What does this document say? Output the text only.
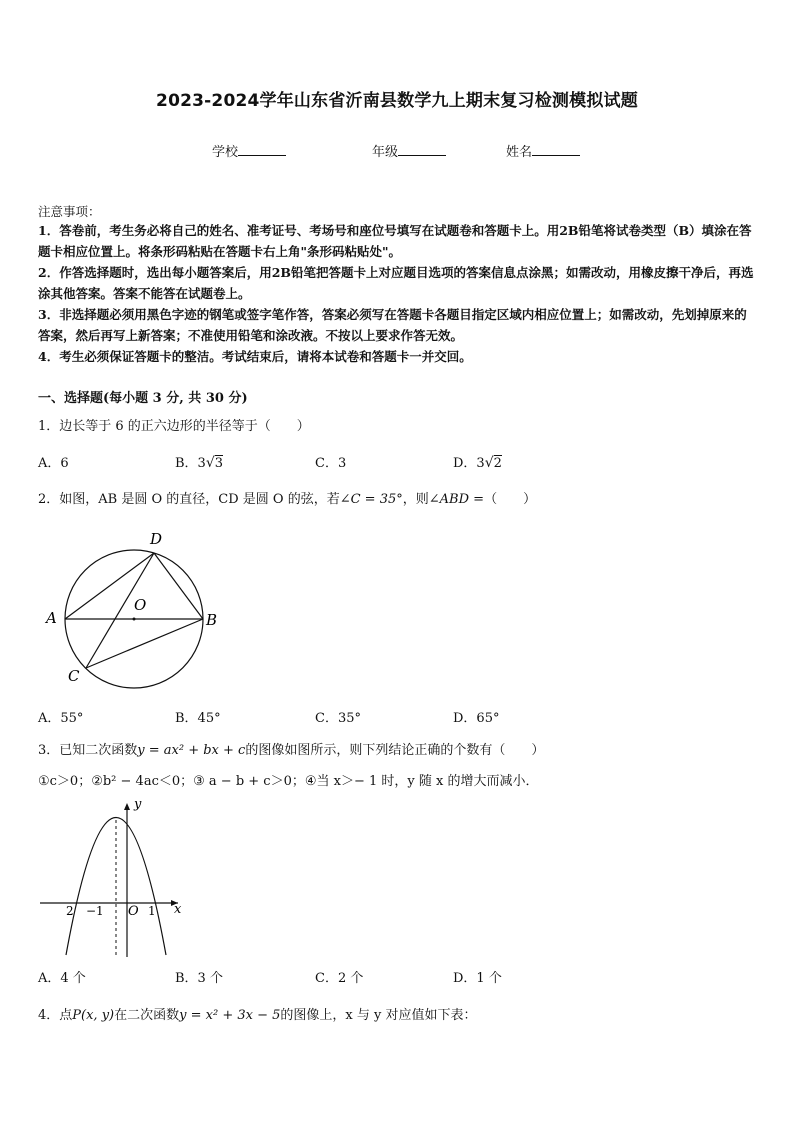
2023-2024学年山东省沂南县数学九上期末复习检测模拟试题
学校	年级	姓名
注意事项：
1．答卷前，考生务必将自己的姓名、准考证号、考场号和座位号填写在试题卷和答题卡上。用2B铅笔将试卷类型（B）填涂在答题卡相应位置上。将条形码粘贴在答题卡右上角"条形码粘贴处"。
2．作答选择题时，选出每小题答案后，用2B铅笔把答题卡上对应题目选项的答案信息点涂黑；如需改动，用橡皮擦干净后，再选涂其他答案。答案不能答在试题卷上。
3．非选择题必须用黑色字迹的钢笔或签字笔作答，答案必须写在答题卡各题目指定区域内相应位置上；如需改动，先划掉原来的答案，然后再写上新答案；不准使用铅笔和涂改液。不按以上要求作答无效。
4．考生必须保证答题卡的整洁。考试结束后，请将本试卷和答题卡一并交回。
一、选择题(每小题 3 分, 共 30 分)
1．边长等于 6 的正六边形的半径等于（　　）
A．6	B．3√3	C．3	D．3√2
2．如图，AB 是圆 O 的直径，CD 是圆 O 的弦，若∠C = 35°，则∠ABD =（　　）
D
A	B
O
C
A．55°	B．45°	C．35°	D．65°
3．已知二次函数y = ax² + bx + c的图像如图所示，则下列结论正确的个数有（　　）
①c＞0；②b² − 4ac＜0；③ a − b + c＞0；④当 x＞− 1 时，y 随 x 的增大而减小．
y
x
O
2 −1	1
A．4 个	B．3 个	C．2 个	D．1 个
4．点P(x, y)在二次函数y = x² + 3x − 5的图像上，x 与 y 对应值如下表：
